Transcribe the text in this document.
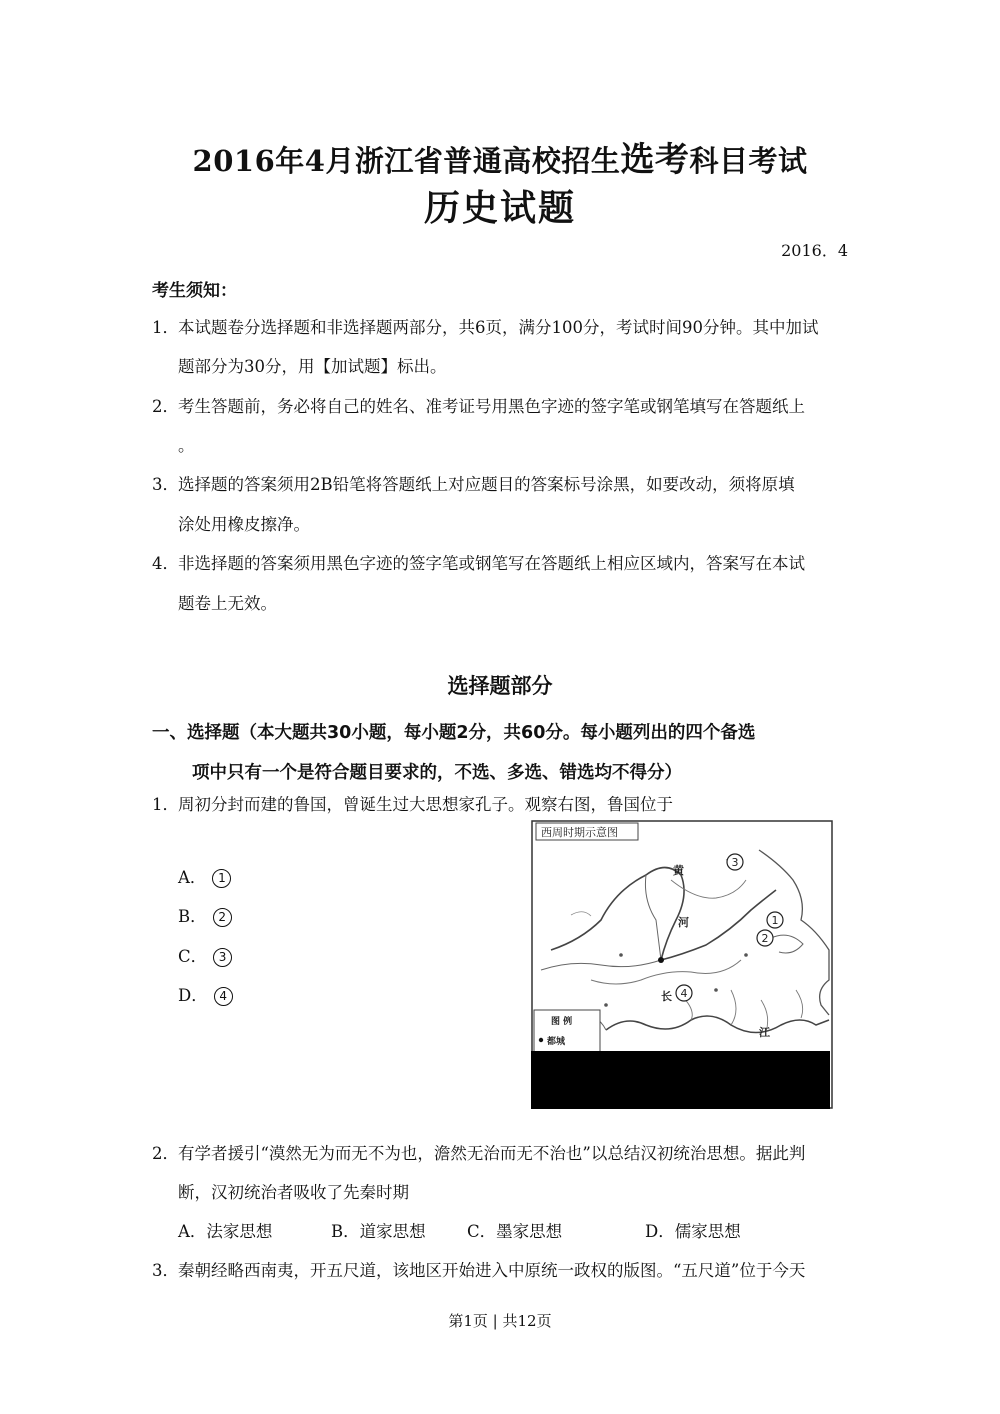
2016年4月浙江省普通高校招生选考科目考试
历史试题
2016．4
考生须知：
1．本试题卷分选择题和非选择题两部分，共6页，满分100分，考试时间90分钟。其中加试
题部分为30分，用【加试题】标出。
2．考生答题前，务必将自己的姓名、准考证号用黑色字迹的签字笔或钢笔填写在答题纸上
。
3．选择题的答案须用2B铅笔将答题纸上对应题目的答案标号涂黑，如要改动，须将原填
涂处用橡皮擦净。
4．非选择题的答案须用黑色字迹的签字笔或钢笔写在答题纸上相应区域内，答案写在本试
题卷上无效。
选择题部分
一、选择题（本大题共30小题，每小题2分，共60分。每小题列出的四个备选
项中只有一个是符合题目要求的，不选、多选、错选均不得分）
1．周初分封而建的鲁国，曾诞生过大思想家孔子。观察右图，鲁国位于
A． 1
B． 2
C． 3
D． 4
西周时期示意图
黄
河
长
江
3
1
2
4
图 例
都城
2．有学者援引“漠然无为而无不为也，澹然无治而无不治也”以总结汉初统治思想。据此判
断，汉初统治者吸收了先秦时期
A．法家思想	B．道家思想	C．墨家思想	D．儒家思想
3．秦朝经略西南夷，开五尺道，该地区开始进入中原统一政权的版图。“五尺道”位于今天
第1页 | 共12页
